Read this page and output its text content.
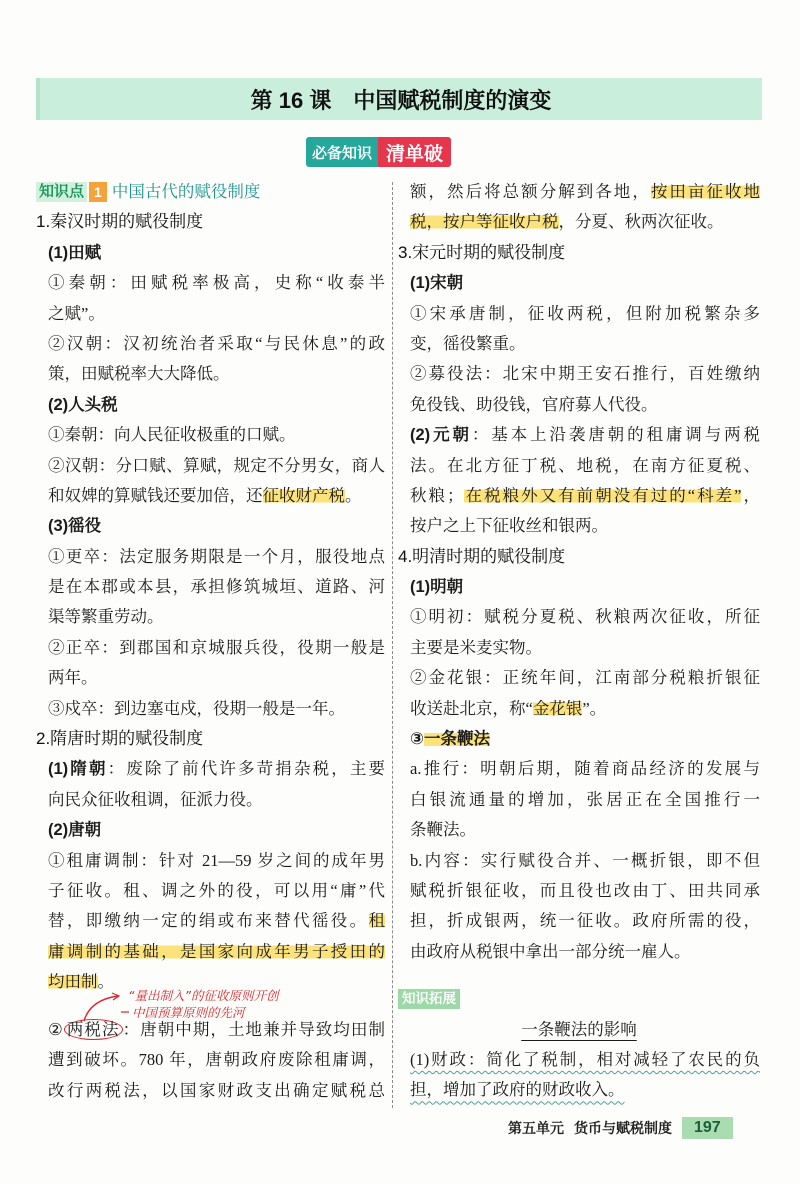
第 16 课 中国赋税制度的演变
必备知识 清单破
知识点 1 中国古代的赋役制度
1.秦汉时期的赋役制度
(1)田赋
①秦朝：田赋税率极高，史称“收泰半
之赋”。
②汉朝：汉初统治者采取“与民休息”的政
策，田赋税率大大降低。
(2)人头税
①秦朝：向人民征收极重的口赋。
②汉朝：分口赋、算赋，规定不分男女，商人
和奴婢的算赋钱还要加倍，还征收财产税。
(3)徭役
①更卒：法定服务期限是一个月，服役地点
是在本郡或本县，承担修筑城垣、道路、河
渠等繁重劳动。
②正卒：到郡国和京城服兵役，役期一般是
两年。
③戍卒：到边塞屯戍，役期一般是一年。
2.隋唐时期的赋役制度
(1)隋朝：废除了前代许多苛捐杂税，主要
向民众征收租调，征派力役。
(2)唐朝
①租庸调制：针对 21—59 岁之间的成年男
子征收。租、调之外的役，可以用“庸”代
替，即缴纳一定的绢或布来替代徭役。租
庸调制的基础，是国家向成年男子授田的
均田制。
② 两税法 ：唐朝中期，土地兼并导致均田制
遭到破坏。780 年，唐朝政府废除租庸调，
改行两税法，以国家财政支出确定赋税总
额，然后将总额分解到各地，按田亩征收地
税，按户等征收户税，分夏、秋两次征收。
3.宋元时期的赋役制度
(1)宋朝
①宋承唐制，征收两税，但附加税繁杂多
变，徭役繁重。
②募役法：北宋中期王安石推行，百姓缴纳
免役钱、助役钱，官府募人代役。
(2)元朝：基本上沿袭唐朝的租庸调与两税
法。在北方征丁税、地税，在南方征夏税、
秋粮；在税粮外又有前朝没有过的“科差”，
按户之上下征收丝和银两。
4.明清时期的赋役制度
(1)明朝
①明初：赋税分夏税、秋粮两次征收，所征
主要是米麦实物。
②金花银：正统年间，江南部分税粮折银征
收送赴北京，称“金花银”。
③一条鞭法
a.推行：明朝后期，随着商品经济的发展与
白银流通量的增加，张居正在全国推行一
条鞭法。
b.内容：实行赋役合并、一概折银，即不但
赋税折银征收，而且役也改由丁、田共同承
担，折成银两，统一征收。政府所需的役，
由政府从税银中拿出一部分统一雇人。
知识拓展
一条鞭法的影响
(1)财政：简化了税制，相对减轻了农民的负
担，增加了政府的财政收入。
“量出制入”的征收原则开创
中国预算原则的先河
第五单元 货币与赋税制度	197
